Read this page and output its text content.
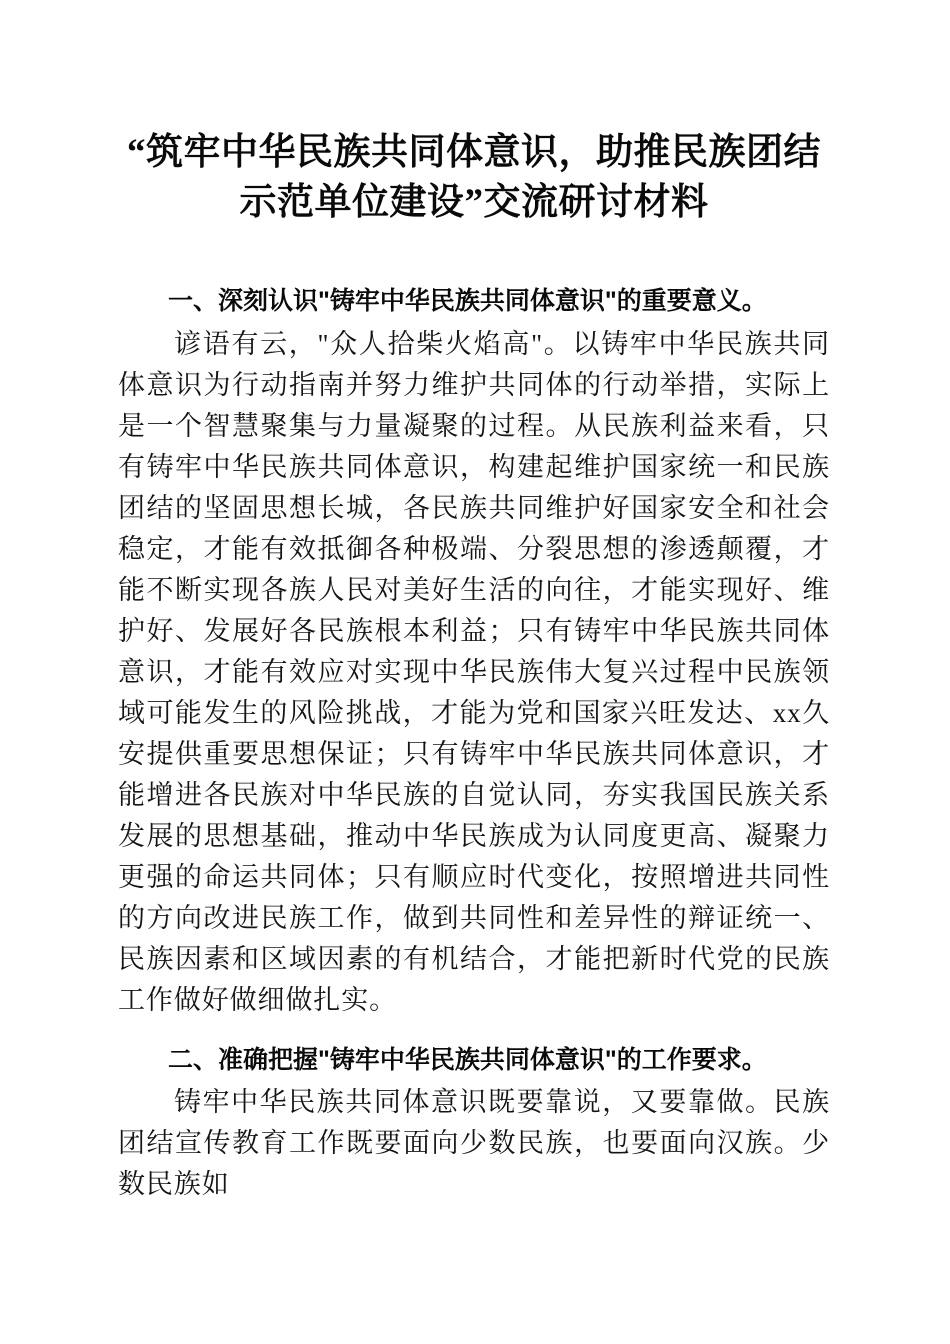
“筑牢中华民族共同体意识，助推民族团结示范单位建设”交流研讨材料
一、深刻认识"铸牢中华民族共同体意识"的重要意义。

谚语有云，"众人拾柴火焰高"。以铸牢中华民族共同体意识为行动指南并努力维护共同体的行动举措，实际上是一个智慧聚集与力量凝聚的过程。从民族利益来看，只有铸牢中华民族共同体意识，构建起维护国家统一和民族团结的坚固思想长城，各民族共同维护好国家安全和社会稳定，才能有效抵御各种极端、分裂思想的渗透颠覆，才能不断实现各族人民对美好生活的向往，才能实现好、维护好、发展好各民族根本利益；只有铸牢中华民族共同体意识，才能有效应对实现中华民族伟大复兴过程中民族领域可能发生的风险挑战，才能为党和国家兴旺发达、xx久安提供重要思想保证；只有铸牢中华民族共同体意识，才能增进各民族对中华民族的自觉认同，夯实我国民族关系发展的思想基础，推动中华民族成为认同度更高、凝聚力更强的命运共同体；只有顺应时代变化，按照增进共同性的方向改进民族工作，做到共同性和差异性的辩证统一、民族因素和区域因素的有机结合，才能把新时代党的民族工作做好做细做扎实。

二、准确把握"铸牢中华民族共同体意识"的工作要求。

铸牢中华民族共同体意识既要靠说，又要靠做。民族团结宣传教育工作既要面向少数民族，也要面向汉族。少数民族如
